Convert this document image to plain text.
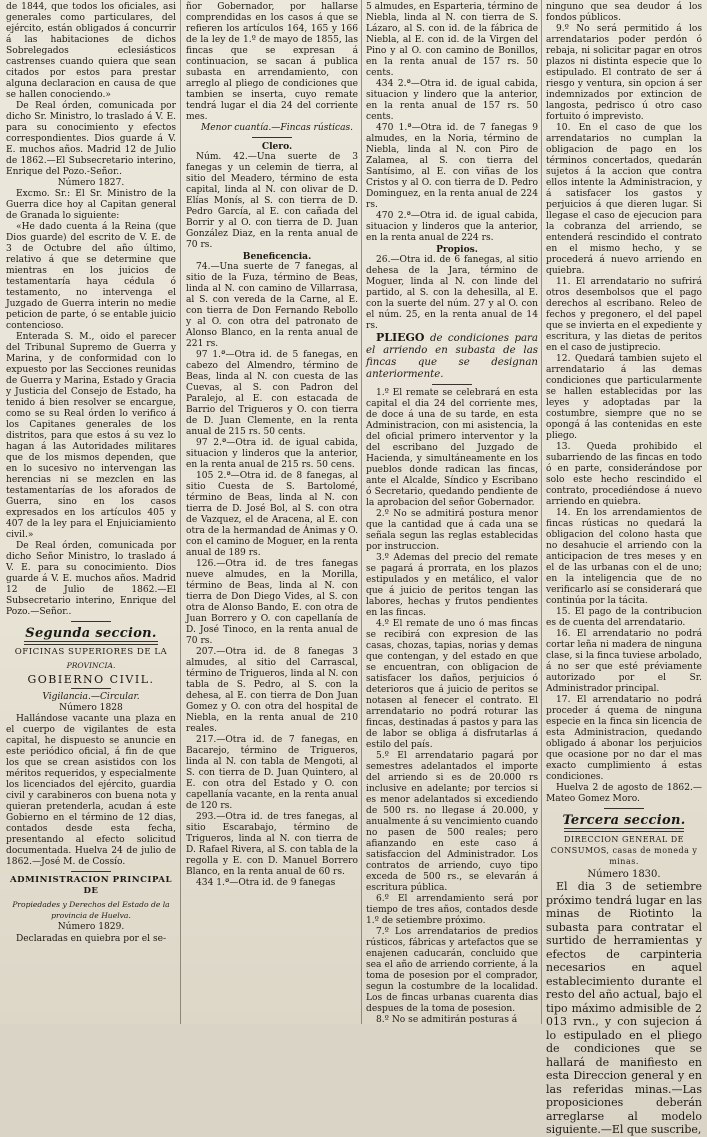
de 1844, que todos los oficiales, asi generales como particulares, del ejército, están obligados á concurrir á las habitaciones de dichos Sobrelegados eclesiásticos castrenses cuando quiera que sean citados por estos para prestar alguna declaracion en causa de que se hallen conociendo.»

De Real órden, comunicada por dicho Sr. Ministro, lo traslado á V. E. para su conocimiento y efectos correspondientes. Dios guarde á V. E. muchos años. Madrid 12 de Julio de 1862.—El Subsecretario interino, Enrique del Pozo.-Señor..

Número 1827.

Excmo. Sr.: El Sr. Ministro de la Guerra dice hoy al Capitan general de Granada lo siguiente:

«He dado cuenta á la Reina (que Dios guarde) del escrito de V. E. de 3 de Octubre del año último, relativo á que se determine que mientras en los juicios de testamentaría haya cédula ó testamento, no intervenga el Juzgado de Guerra interin no medie peticion de parte, ó se entable juicio contencioso.

Enterada S. M., oido el parecer del Tribunal Supremo de Guerra y Marina, y de conformidad con lo expuesto por las Secciones reunidas de Guerra y Marina, Estado y Gracia y Justicia del Consejo de Estado, ha tenido á bien resolver se encargue, como se su Real órden lo verifico á los Capitanes generales de los distritos, para que estos á su vez lo hagan á las Autoridades militares que de los mismos dependen, que en lo sucesivo no intervengan las herencias ni se mezclen en las testamentarías de los aforados de Guerra, sino en los casos expresados en los artículos 405 y 407 de la ley para el Enjuiciamiento civil.»

De Real órden, comunicada por dicho Señor Ministro, lo traslado á V. E. para su conocimiento. Dios guarde á V. E. muchos años. Madrid 12 de Julio de 1862.—El Subsecretario interino, Enrique del Pozo.—Señor..

Segunda seccion.
OFICINAS SUPERIORES DE LA
PROVINCIA.
GOBIERNO CIVIL.

Vigilancia.—Circular.

Número 1828

Hallándose vacante una plaza en el cuerpo de vigilantes de esta capital, he dispuesto se anuncie en este periódico oficial, á fin de que los que se crean asistidos con los méritos requeridos, y especialmente los licenciados del ejército, guardia civil y carabineros con buena nota y quieran pretenderla, acudan á este Gobierno en el término de 12 dias, contados desde esta fecha, presentando al efecto solicitud documentada. Huelva 24 de julio de 1862.—José M. de Cossío.

ADMINISTRACION PRINCIPAL DE
Propiedades y Derechos del Estado de la provincia de Huelva.

Número 1829.

Declaradas en quiebra por el se-

ñor Gobernador, por hallarse comprendidas en los casos á que se refieren los artículos 164, 165 y 166 de la ley de 1.º de mayo de 1855, las fincas que se expresan á continuacion, se sacan á publica subasta en arrendamiento, con arreglo al pliego de condiciones que tambien se inserta, cuyo remate tendrá lugar el dia 24 del corriente mes.

Menor cuantía.—Fincas rústicas.

Clero.

Núm. 42.—Una suerte de 3 fanegas y un celemin de tierra, al sitio del Meadero, término de esta capital, linda al N. con olivar de D. Elías Monís, al S. con tierra de D. Pedro García, al E. con cañada del Borrir y al O. con tierra de D. Juan González Diaz, en la renta anual de 70 rs.

Beneficencia.

74.—Una suerte de 7 fanegas, al sitio de la Fuza, término de Beas, linda al N. con camino de Villarrasa, al S. con vereda de la Carne, al E. con tierra de Don Fernando Rebollo y al O. con otra del patronato de Alonso Blanco, en la renta anual de 221 rs.

97 1.ª—Otra id. de 5 fanegas, en cabezo del Almendro, término de Beas, linda al N. con cuesta de las Cuevas, al S. con Padron del Paralejo, al E. con estacada de Barrio del Trigueros y O. con tierra de D. Juan Clemente, en la renta anual de 215 rs. 50 cents.

97 2.ª—Otra id. de igual cabida, situacion y linderos que la anterior, en la renta anual de 215 rs. 50 cens.

105 2.ª—Otra id. de 8 fanegas, al sitio Cuesta de S. Bartolomé, término de Beas, linda al N. con tierra de D. José Bol, al S. con otra de Vazquez, el de Aracena, al E. con otra de la hermandad de Ánimas y O. con el camino de Moguer, en la renta anual de 189 rs.

126.—Otra id. de tres fanegas nueve almudes, en la Morilla, término de Beas, linda al N. con tierra de Don Diego Vides, al S. con otra de Alonso Bando, E. con otra de Juan Borrero y O. con capellanía de D. José Tinoco, en la renta anual de 70 rs.

207.—Otra id. de 8 fanegas 3 almudes, al sitio del Carrascal, término de Trigueros, linda al N. con tabla de S. Pedro, al S. con la dehesa, al E. con tierra de Don Juan Gomez y O. con otra del hospital de Niebla, en la renta anual de 210 reales.

217.—Otra id. de 7 fanegas, en Bacarejo, término de Trigueros, linda al N. con tabla de Mengoti, al S. con tierra de D. Juan Quintero, al E. con otra del Estado y O. con capellanía vacante, en la renta anual de 120 rs.

293.—Otra id. de tres fanegas, al sitio Escarabajo, término de Trigueros, linda al N. con tierra de D. Rafael Rivera, al S. con tabla de la regolla y E. con D. Manuel Borrero Blanco, en la renta anual de 60 rs.

434 1.ª—Otra id. de 9 fanegas

5 almudes, en Esparteria, término de Niebla, linda al N. con tierra de S. Lázaro, al S. con id. de la fábrica de Niebla, al E. con id. de la Virgen del Pino y al O. con camino de Bonillos, en la renta anual de 157 rs. 50 cents.

434 2.ª—Otra id. de igual cabida, situacion y lindero que la anterior, en la renta anual de 157 rs. 50 cents.

470 1.ª—Otra id. de 7 fanegas 9 almudes, en la Noria, término de Niebla, linda al N. con Piro de Zalamea, al S. con tierra del Santísimo, al E. con viñas de los Cristos y al O. con tierra de D. Pedro Dominguez, en la renta anual de 224 rs.

470 2.ª—Otra id. de igual cabida, situacion y linderos que la anterior, en la renta anual de 224 rs.

Propios.

26.—Otra id. de 6 fanegas, al sitio dehesa de la Jara, término de Moguer, linda al N. con linde del partido, al S. con la dehesilla, al E. con la suerte del núm. 27 y al O. con el núm. 25, en la renta anual de 14 rs.

PLIEGO de condiciones para el arriendo en subasta de las fincas que se designan anteriormente.

1.º El remate se celebrará en esta capital el dia 24 del corriente mes, de doce á una de su tarde, en esta Administracion, con mi asistencia, la del oficial primero interventor y la del escribano del Juzgado de Hacienda, y simultáneamente en los pueblos donde radican las fincas, ante el Alcalde, Síndico y Escribano ó Secretario, quedando pendiente de la aprobacion del señor Gobernador.

2.º No se admitirá postura menor que la cantidad que á cada una se señala segun las reglas establecidas por instruccion.

3.º Ademas del precio del remate se pagará á prorrata, en los plazos estipulados y en metálico, el valor que á juicio de peritos tengan las labores, hechas y frutos pendientes en las fincas.

4.º El remate de uno ó mas fincas se recibirá con expresion de las casas, chozas, tapias, norias y demas que contengan, y del estado en que se encuentran, con obligacion de satisfacer los daños, perjuicios ó deterioros que á juicio de peritos se notasen al fenecer el contrato. El arrendatario no podrá roturar las fincas, destinadas á pastos y para las de labor se obliga á disfrutarlas á estilo del país.

5.º El arrendatario pagará por semestres adelantados el importe del arriendo si es de 20.000 rs inclusive en adelante; por tercios si es menor adelantados si excediendo de 500 rs. no llegase á 20.000, y anualmente á su vencimiento cuando no pasen de 500 reales; pero afianzando en este caso á satisfaccion del Administrador. Los contratos de arriendo, cuyo tipo exceda de 500 rs., se elevarán á escritura pública.

6.º El arrendamiento será por tiempo de tres años, contados desde 1.º de setiembre próximo.

7.º Los arrendatarios de predios rústicos, fábricas y artefactos que se enajenen caducarán, concluido que sea el año de arriendo corriente, á la toma de posesion por el comprador, segun la costumbre de la localidad. Los de fincas urbanas cuarenta dias despues de la toma de posesion.

8.º No se admitirán posturas á

ninguno que sea deudor á los fondos públicos.

9.º No será permitido á los arrendatarios poder perdón ó rebaja, ni solicitar pagar en otros plazos ni distinta especie que lo estipulado. El contrato de ser á riesgo y ventura, sin opcion á ser indemnizados por extincion de langosta, pedrisco ú otro caso fortuito ó imprevisto.

10. En el caso de que los arrendatarios no cumplan la obligacion de pago en los términos concertados, quedarán sujetos á la accion que contra ellos intente la Administracion, y á satisfacer los gastos y perjuicios á que dieren lugar. Si llegase el caso de ejecucion para la cobranza del arriendo, se entenderá rescindido el contrato en el mismo hecho, y se procederá á nuevo arriendo en quiebra.

11. El arrendatario no sufrirá otros desembolsos que el pago derechos al escribano. Releo de fechos y pregonero, el del papel que se invierta en el expediente y escritura, y las dietas de peritos en el caso de justiprecio.

12. Quedará tambien sujeto el arrendatario á las demas condiciones que particularmente se hallen establecidas por las leyes y adoptadas par la costumbre, siempre que no se opongá á las contenidas en este pliego.

13. Queda prohibido el subarriendo de las fincas en todo ó en parte, considerándose por solo este hecho rescindido el contrato, procediéndose á nuevo arriendo en quiebra.

14. En los arrendamientos de fincas rústicas no quedará la obligacion del colono hasta que no desahucie el arriendo con la anticipacion de tres meses y en el de las urbanas con el de uno; en la inteligencia que de no verificarlo así se considerará que continúa por la tácita.

15. El pago de la contribucion es de cuenta del arrendatario.

16. El arrendatario no podrá cortar leña ni madera de ninguna clase, si la finca tuviese arbolado, á no ser que esté préviamente autorizado por el Sr. Administrador principal.

17. El arrendatario no podrá proceder á quema de ninguna especie en la finca sin licencia de esta Administracion, quedando obligado á abonar los perjuicios que ocasione por no dar el mas exacto cumplimiento á estas condiciones.

Huelva 2 de agosto de 1862.—Mateo Gomez Moro.

Tercera seccion.
DIRECCION GENERAL DE CONSUMOS, casas de moneda y minas.

Número 1830.

El dia 3 de setiembre próximo tendrá lugar en las minas de Riotinto la subasta para contratar el surtido de herramientas y efectos de carpinteria necesarios en aquel establecimiento durante el resto del año actual, bajo el tipo máximo admisible de 2 013 rvn., y con sujecion á lo estipulado en el pliego de condiciones que se hallará de manifiesto en esta Direccion general y en las referidas minas.—Las proposiciones deberán arreglarse al modelo siguiente.—El que suscribe,
